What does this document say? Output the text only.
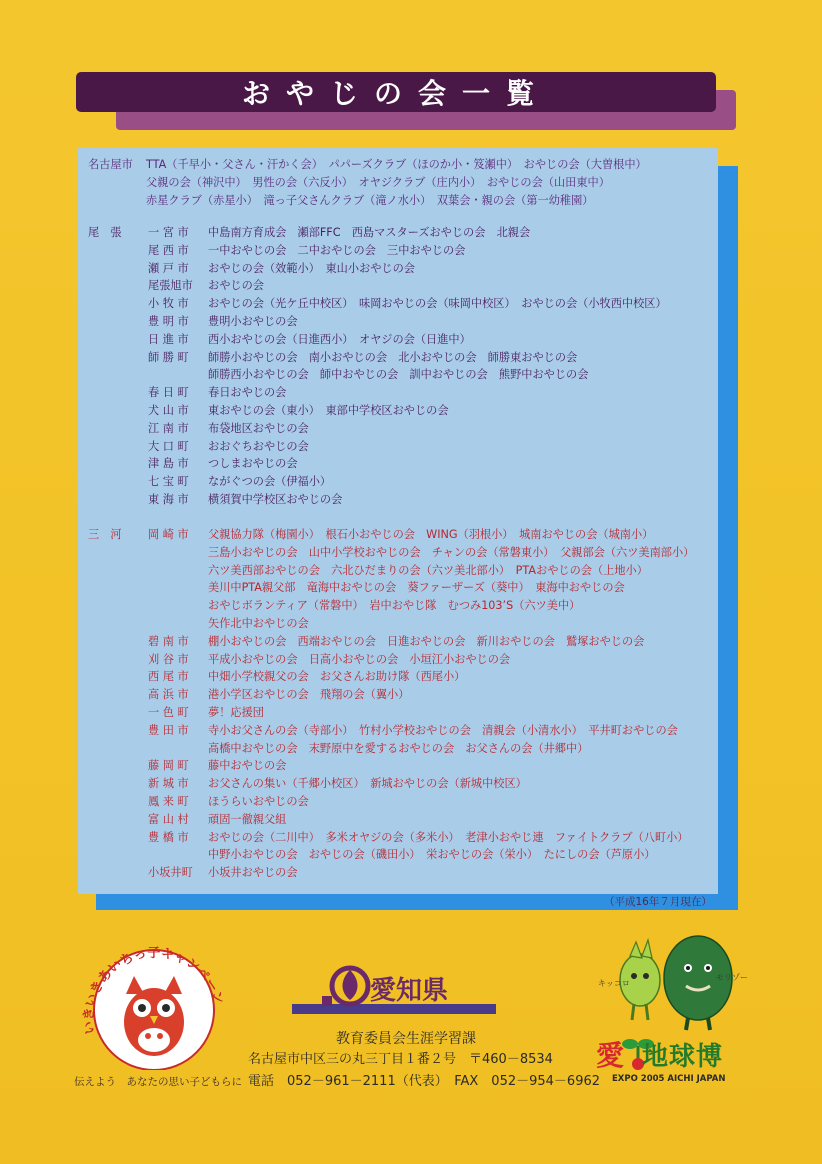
おやじの会一覧
名古屋市	TTA（千早小・父さん・汗かく会）　パパーズクラブ（ほのか小・笈瀬中）　おやじの会（大曽根中）
父親の会（神沢中）　男性の会（六反小）　オヤジクラブ（庄内小）　おやじの会（山田東中）
赤星クラブ（赤星小）　滝っ子父さんクラブ（滝ノ水小）　双葉会・親の会（第一幼稚園）
尾　張	一 宮 市	中島南方育成会　瀬部FFC　西島マスターズおやじの会　北親会
尾 西 市	一中おやじの会　二中おやじの会　三中おやじの会
瀬 戸 市	おやじの会（效範小）　東山小おやじの会
尾張旭市	おやじの会
小 牧 市	おやじの会（光ケ丘中校区）　味岡おやじの会（味岡中校区）　おやじの会（小牧西中校区）
豊 明 市	豊明小おやじの会
日 進 市	西小おやじの会（日進西小）　オヤジの会（日進中）
師 勝 町	師勝小おやじの会　南小おやじの会　北小おやじの会　師勝東おやじの会
師勝西小おやじの会　師中おやじの会　訓中おやじの会　熊野中おやじの会
春 日 町	春日おやじの会
犬 山 市	東おやじの会（東小）　東部中学校区おやじの会
江 南 市	布袋地区おやじの会
大 口 町	おおぐちおやじの会
津 島 市	つしまおやじの会
七 宝 町	ながぐつの会（伊福小）
東 海 市	横須賀中学校区おやじの会
三　河	岡 崎 市	父親協力隊（梅園小）　根石小おやじの会　WING（羽根小）　城南おやじの会（城南小）
三島小おやじの会　山中小学校おやじの会　チャンの会（常磐東小）　父親部会（六ツ美南部小）
六ツ美西部おやじの会　六北ひだまりの会（六ツ美北部小）　PTAおやじの会（上地小）
美川中PTA親父部　竜海中おやじの会　葵ファーザーズ（葵中）　東海中おやじの会
おやじボランティア（常磐中）　岩中おやじ隊　むつみ103’S（六ツ美中）
矢作北中おやじの会
碧 南 市	棚小おやじの会　西端おやじの会　日進おやじの会　新川おやじの会　鷲塚おやじの会
刈 谷 市	平成小おやじの会　日高小おやじの会　小垣江小おやじの会
西 尾 市	中畑小学校親父の会　お父さんお助け隊（西尾小）
高 浜 市	港小学区おやじの会　飛翔の会（翼小）
一 色 町	夢！応援団
豊 田 市	寺小お父さんの会（寺部小）　竹村小学校おやじの会　清親会（小清水小）　平井町おやじの会
高橋中おやじの会　末野原中を愛するおやじの会　お父さんの会（井郷中）
藤 岡 町	藤中おやじの会
新 城 市	お父さんの集い（千郷小校区）　新城おやじの会（新城中校区）
鳳 来 町	ほうらいおやじの会
富 山 村	頑固一徹親父組
豊 橋 市	おやじの会（二川中）　多米オヤジの会（多米小）　老津小おやじ連　ファイトクラブ（八町小）
中野小おやじの会　おやじの会（磯田小）　栄おやじの会（栄小）　たにしの会（芦原小）
小坂井町	小坂井おやじの会
（平成16年７月現在）
いきいきあいちっ子キャンペーン
伝えよう　あなたの思い子どもらに
愛知県
教育委員会生涯学習課
名古屋市中区三の丸三丁目１番２号　〒460－8534
電話　052－961－2111（代表）　FAX　052－954－6962
キッコロ
モリゾー
愛 地球博
EXPO 2005 AICHI JAPAN
